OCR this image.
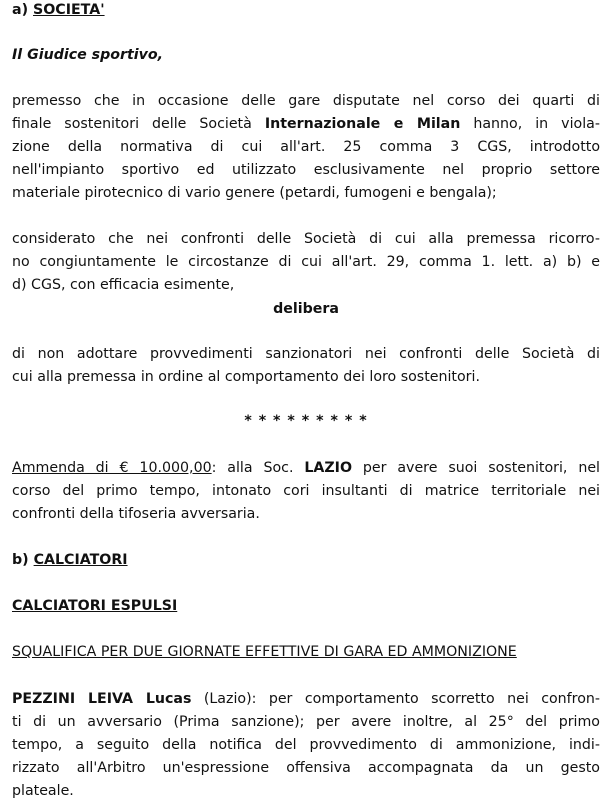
a) SOCIETA'
Il Giudice sportivo,
premesso che in occasione delle gare disputate nel corso dei quarti di
finale sostenitori delle Società Internazionale e Milan hanno, in viola-
zione della normativa di cui all'art. 25 comma 3 CGS, introdotto
nell'impianto sportivo ed utilizzato esclusivamente nel proprio settore
materiale pirotecnico di vario genere (petardi, fumogeni e bengala);
considerato che nei confronti delle Società di cui alla premessa ricorro-
no congiuntamente le circostanze di cui all'art. 29, comma 1. lett. a) b) e
d) CGS, con efficacia esimente,
delibera
di non adottare provvedimenti sanzionatori nei confronti delle Società di
cui alla premessa in ordine al comportamento dei loro sostenitori.
* * * * * * * * *
Ammenda di € 10.000,00: alla Soc. LAZIO per avere suoi sostenitori, nel
corso del primo tempo, intonato cori insultanti di matrice territoriale nei
confronti della tifoseria avversaria.
b) CALCIATORI
CALCIATORI ESPULSI
SQUALIFICA PER DUE GIORNATE EFFETTIVE DI GARA ED AMMONIZIONE
PEZZINI LEIVA Lucas (Lazio): per comportamento scorretto nei confron-
ti di un avversario (Prima sanzione); per avere inoltre, al 25° del primo
tempo, a seguito della notifica del provvedimento di ammonizione, indi-
rizzato all'Arbitro un'espressione offensiva accompagnata da un gesto
plateale.
